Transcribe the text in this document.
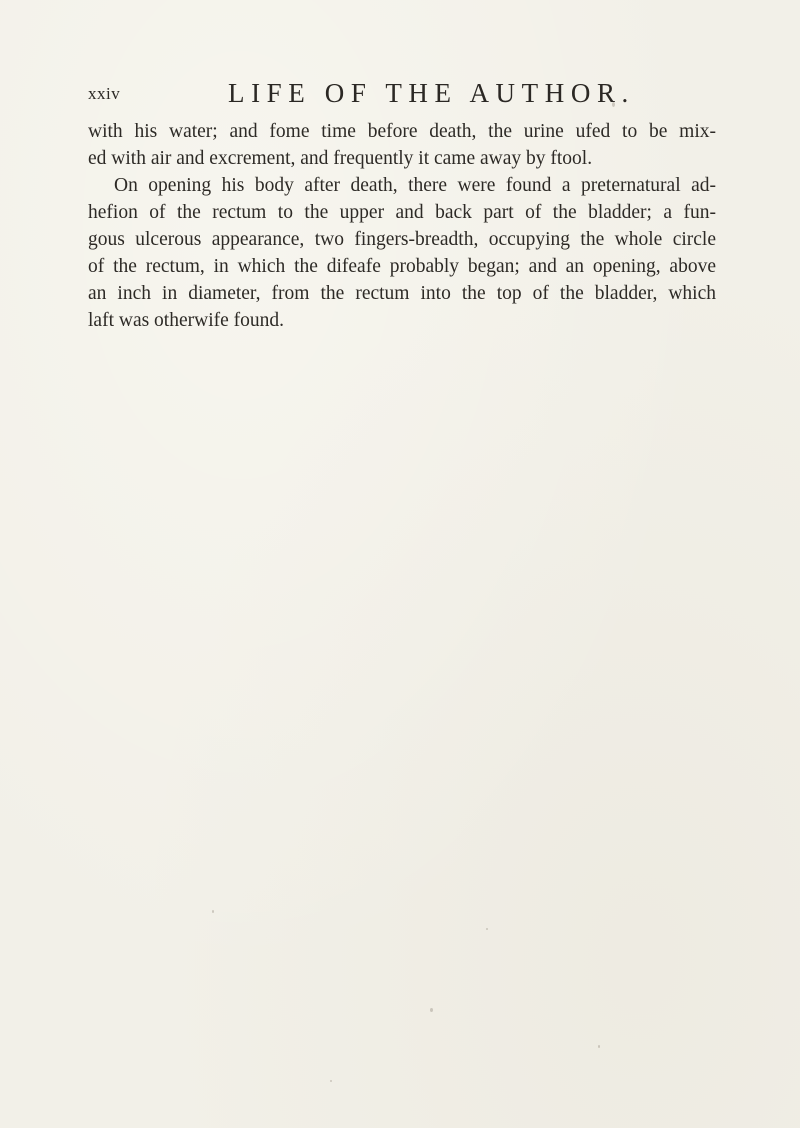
xxiv	LIFE OF THE AUTHOR.
with his water; and fome time before death, the urine ufed to be mix-
ed with air and excrement, and frequently it came away by ftool.
On opening his body after death, there were found a preternatural ad-
hefion of the rectum to the upper and back part of the bladder; a fun-
gous ulcerous appearance, two fingers-breadth, occupying the whole circle
of the rectum, in which the difeafe probably began; and an opening, above
an inch in diameter, from the rectum into the top of the bladder, which
laft was otherwife found.
